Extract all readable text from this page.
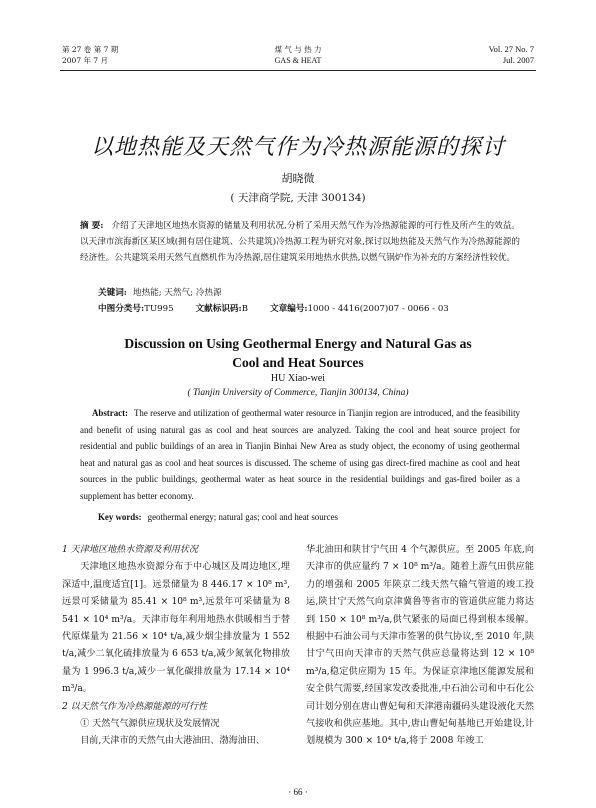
第 27 卷 第 7 期
2007 年 7 月
煤 气 与 热 力
GAS & HEAT
Vol. 27 No. 7
Jul. 2007
以地热能及天然气作为冷热源能源的探讨
胡晓微
( 天津商学院, 天津 300134)
摘 要: 介绍了天津地区地热水资源的储量及利用状况,分析了采用天然气作为冷热源能源的可行性及所产生的效益。以天津市滨海新区某区域(拥有居住建筑、公共建筑)冷热源工程为研究对象,探讨以地热能及天然气作为冷热源能源的经济性。公共建筑采用天然气直燃机作为冷热源,居住建筑采用地热水供热,以燃气锅炉作为补充的方案经济性较优。
关键词: 地热能; 天然气; 冷热源
中图分类号:TU995	文献标识码:B	文章编号:1000 - 4416(2007)07 - 0066 - 03
Discussion on Using Geothermal Energy and Natural Gas as
Cool and Heat Sources
HU Xiao-wei
( Tianjin University of Commerce, Tianjin 300134, China)
Abstract: The reserve and utilization of geothermal water resource in Tianjin region are introduced, and the feasibility and benefit of using natural gas as cool and heat sources are analyzed. Taking the cool and heat source project for residential and public buildings of an area in Tianjin Binhai New Area as study object, the economy of using geothermal heat and natural gas as cool and heat sources is discussed. The scheme of using gas direct-fired machine as cool and heat sources in the public buildings, geothermal water as heat source in the residential buildings and gas-fired boiler as a supplement has better economy.
Key words: geothermal energy; natural gas; cool and heat sources
1 天津地区地热水资源及利用状况
天津地区地热水资源分布于中心城区及周边地区,埋深适中,温度适宜[1]。远景储量为 8 446.17 × 10⁸ m³,远景可采储量为 85.41 × 10⁸ m³,远景年可采储量为 8 541 × 10⁴ m³/a。天津市每年利用地热水供暖相当于替代原煤量为 21.56 × 10⁴ t/a,减少烟尘排放量为 1 552 t/a,减少二氧化硫排放量为 6 653 t/a,减少氮氧化物排放量为 1 996.3 t/a,减少一氧化碳排放量为 17.14 × 10⁴ m³/a。
2 以天然气作为冷热源能源的可行性
① 天然气气源供应现状及发展情况
目前,天津市的天然气由大港油田、渤海油田、
华北油田和陕甘宁气田 4 个气源供应。至 2005 年底,向天津市的供应量约 7 × 10⁸ m³/a。随着上游气田供应能力的增强和 2005 年陕京二线天然气输气管道的竣工投运,陕甘宁天然气向京津冀鲁等省市的管道供应能力将达到 150 × 10⁸ m³/a,供气紧张的局面已得到根本缓解。根据中石油公司与天津市签署的供气协议,至 2010 年,陕甘宁气田向天津市的天然气供应总量将达到 12 × 10⁸ m³/a,稳定供应期为 15 年。为保证京津地区能源发展和安全供气需要,经国家发改委批准,中石油公司和中石化公司计划分别在唐山曹妃甸和天津港南疆码头建设液化天然气接收和供应基地。其中,唐山曹妃甸基地已开始建设,计划规模为 300 × 10⁴ t/a,将于 2008 年竣工
· 66 ·
